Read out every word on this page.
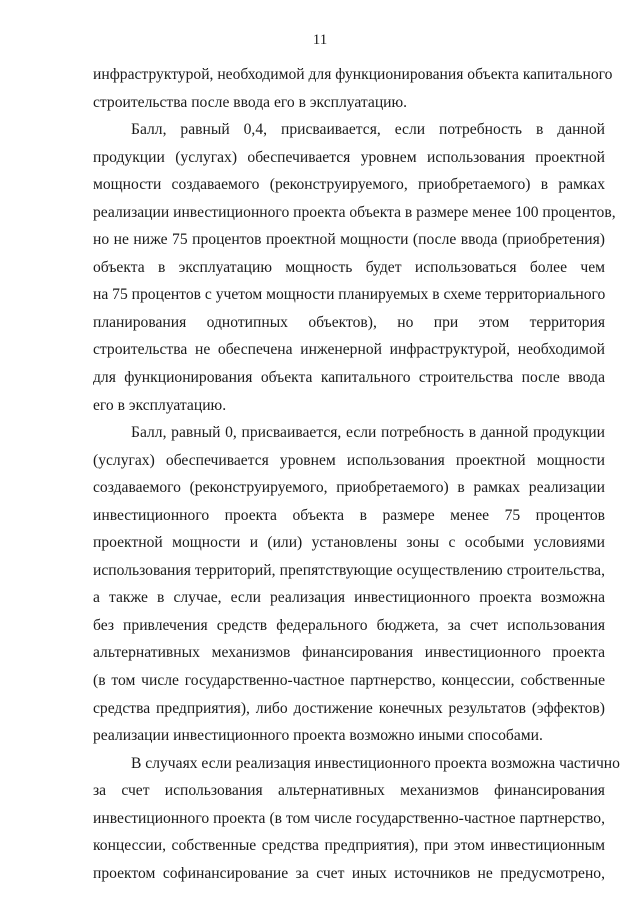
11
инфраструктурой, необходимой для функционирования объекта капитального
строительства после ввода его в эксплуатацию.
Балл, равный 0,4, присваивается, если потребность в данной
продукции (услугах) обеспечивается уровнем использования проектной
мощности создаваемого (реконструируемого, приобретаемого) в рамках
реализации инвестиционного проекта объекта в размере менее 100 процентов,
но не ниже 75 процентов проектной мощности (после ввода (приобретения)
объекта в эксплуатацию мощность будет использоваться более чем
на 75 процентов с учетом мощности планируемых в схеме территориального
планирования однотипных объектов), но при этом территория
строительства не обеспечена инженерной инфраструктурой, необходимой
для функционирования объекта капитального строительства после ввода
его в эксплуатацию.
Балл, равный 0, присваивается, если потребность в данной продукции
(услугах) обеспечивается уровнем использования проектной мощности
создаваемого (реконструируемого, приобретаемого) в рамках реализации
инвестиционного проекта объекта в размере менее 75 процентов
проектной мощности и (или) установлены зоны с особыми условиями
использования территорий, препятствующие осуществлению строительства,
а также в случае, если реализация инвестиционного проекта возможна
без привлечения средств федерального бюджета, за счет использования
альтернативных механизмов финансирования инвестиционного проекта
(в том числе государственно-частное партнерство, концессии, собственные
средства предприятия), либо достижение конечных результатов (эффектов)
реализации инвестиционного проекта возможно иными способами.
В случаях если реализация инвестиционного проекта возможна частично
за счет использования альтернативных механизмов финансирования
инвестиционного проекта (в том числе государственно-частное партнерство,
концессии, собственные средства предприятия), при этом инвестиционным
проектом софинансирование за счет иных источников не предусмотрено,
